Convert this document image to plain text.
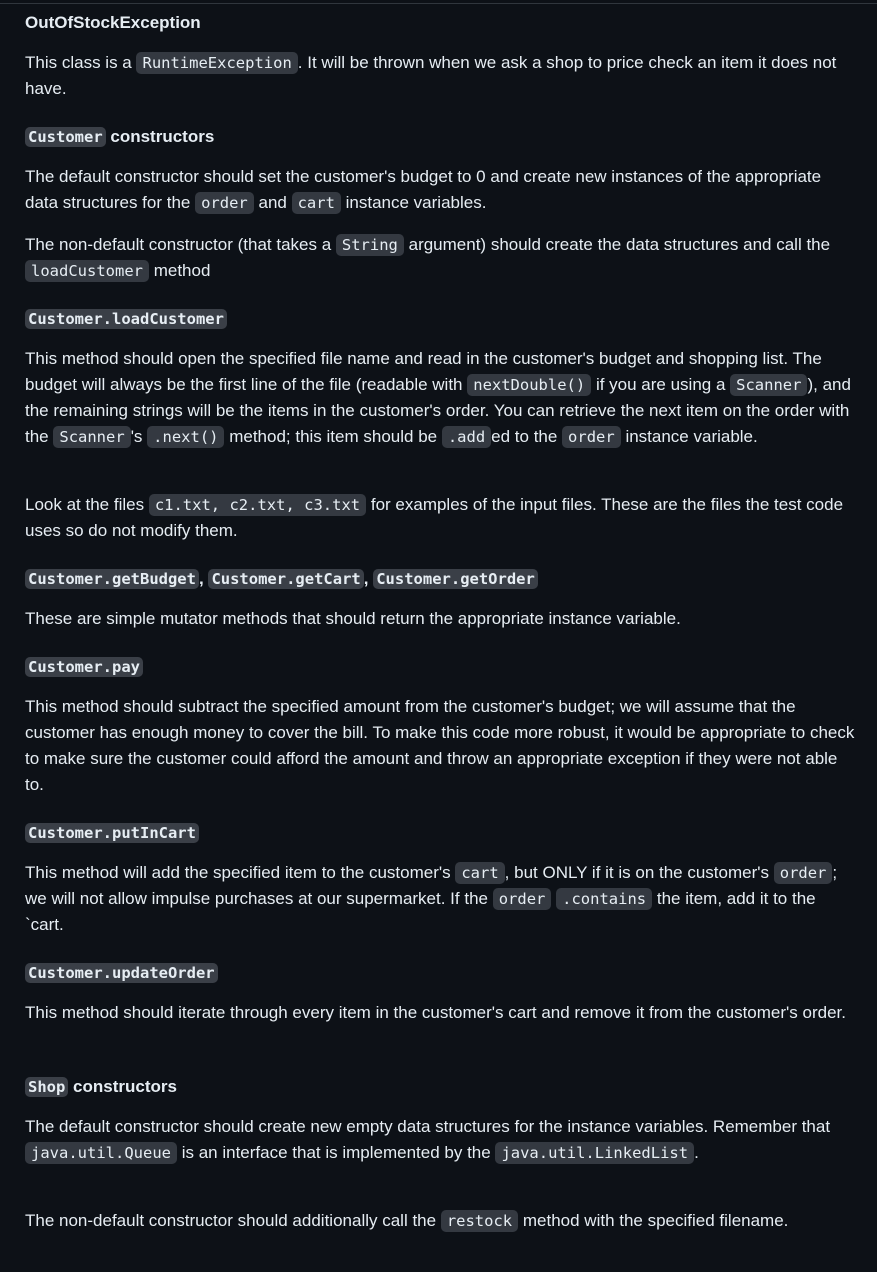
OutOfStockException

This class is a RuntimeException . It will be thrown when we ask a shop to price check an item it does not have.

Customer constructors

The default constructor should set the customer's budget to 0 and create new instances of the appropriate data structures for the order and cart instance variables.

The non-default constructor (that takes a String argument) should create the data structures and call the loadCustomer method

Customer.loadCustomer

This method should open the specified file name and read in the customer's budget and shopping list. The budget will always be the first line of the file (readable with nextDouble() if you are using a Scanner ), and the remaining strings will be the items in the customer's order. You can retrieve the next item on the order with the Scanner 's .next() method; this item should be .add ed to the order instance variable.

Look at the files c1.txt, c2.txt, c3.txt for examples of the input files. These are the files the test code uses so do not modify them.

Customer.getBudget , Customer.getCart , Customer.getOrder

These are simple mutator methods that should return the appropriate instance variable.

Customer.pay

This method should subtract the specified amount from the customer's budget; we will assume that the customer has enough money to cover the bill. To make this code more robust, it would be appropriate to check to make sure the customer could afford the amount and throw an appropriate exception if they were not able to.

Customer.putInCart

This method will add the specified item to the customer's cart , but ONLY if it is on the customer's order ; we will not allow impulse purchases at our supermarket. If the order .contains the item, add it to the `cart.

Customer.updateOrder

This method should iterate through every item in the customer's cart and remove it from the customer's order.

Shop constructors

The default constructor should create new empty data structures for the instance variables. Remember that java.util.Queue is an interface that is implemented by the java.util.LinkedList .

The non-default constructor should additionally call the restock method with the specified filename.
